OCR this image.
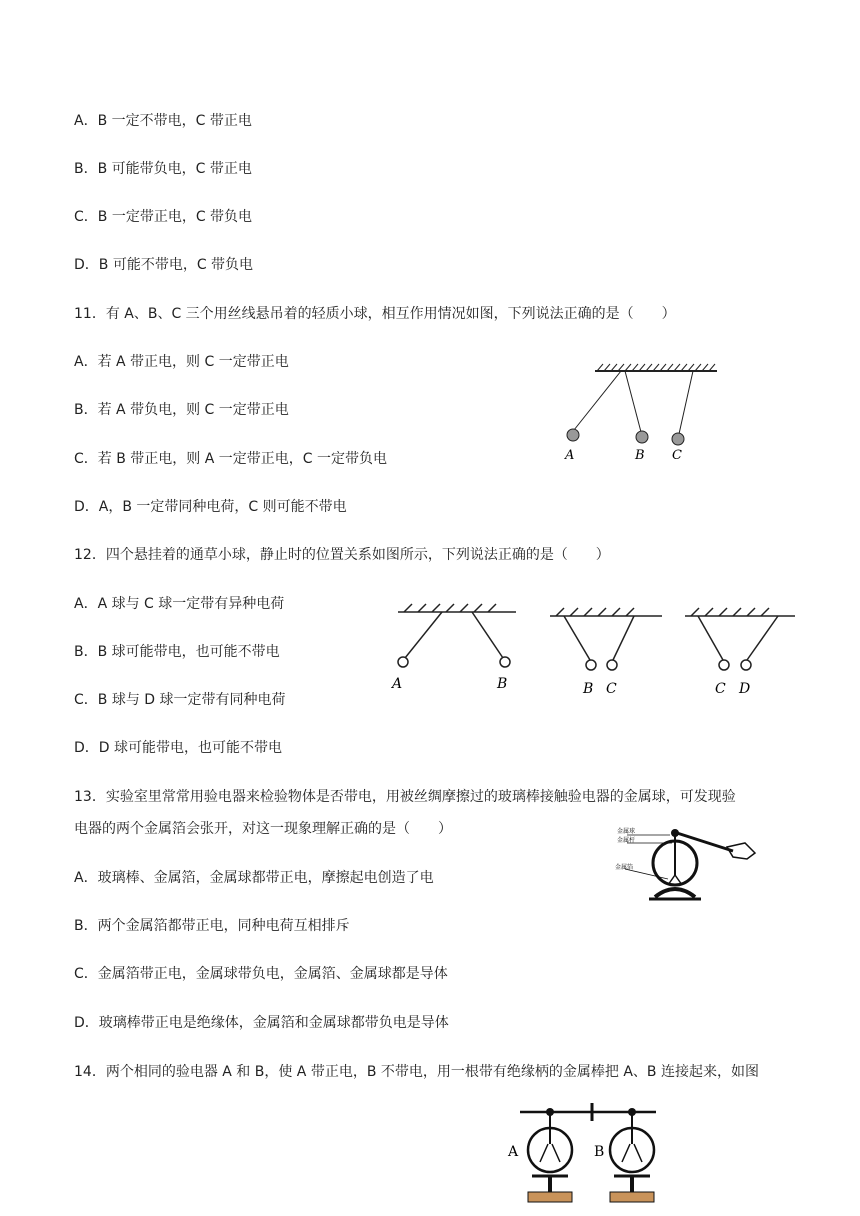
A．B 一定不带电，C 带正电
B．B 可能带负电，C 带正电
C．B 一定带正电，C 带负电
D．B 可能不带电，C 带负电
11．有 A、B、C 三个用丝线悬吊着的轻质小球，相互作用情况如图，下列说法正确的是（　　）
A．若 A 带正电，则 C 一定带正电
B．若 A 带负电，则 C 一定带正电
C．若 B 带正电，则 A 一定带正电，C 一定带负电
D．A，B 一定带同种电荷，C 则可能不带电
A	B C
12．四个悬挂着的通草小球，静止时的位置关系如图所示，下列说法正确的是（　　）
A．A 球与 C 球一定带有异种电荷
B．B 球可能带电，也可能不带电
C．B 球与 D 球一定带有同种电荷
D．D 球可能带电，也可能不带电
A	B	B C	C D
13．实验室里常常用验电器来检验物体是否带电，用被丝绸摩擦过的玻璃棒接触验电器的金属球，可发现验
电器的两个金属箔会张开，对这一现象理解正确的是（　　）
A．玻璃棒、金属箔，金属球都带正电，摩擦起电创造了电
B．两个金属箔都带正电，同种电荷互相排斥
C．金属箔带正电，金属球带负电，金属箔、金属球都是导体
D．玻璃棒带正电是绝缘体，金属箔和金属球都带负电是导体
金属球
金属杆
金属箔
14．两个相同的验电器 A 和 B，使 A 带正电，B 不带电，用一根带有绝缘柄的金属棒把 A、B 连接起来，如图
A	B
